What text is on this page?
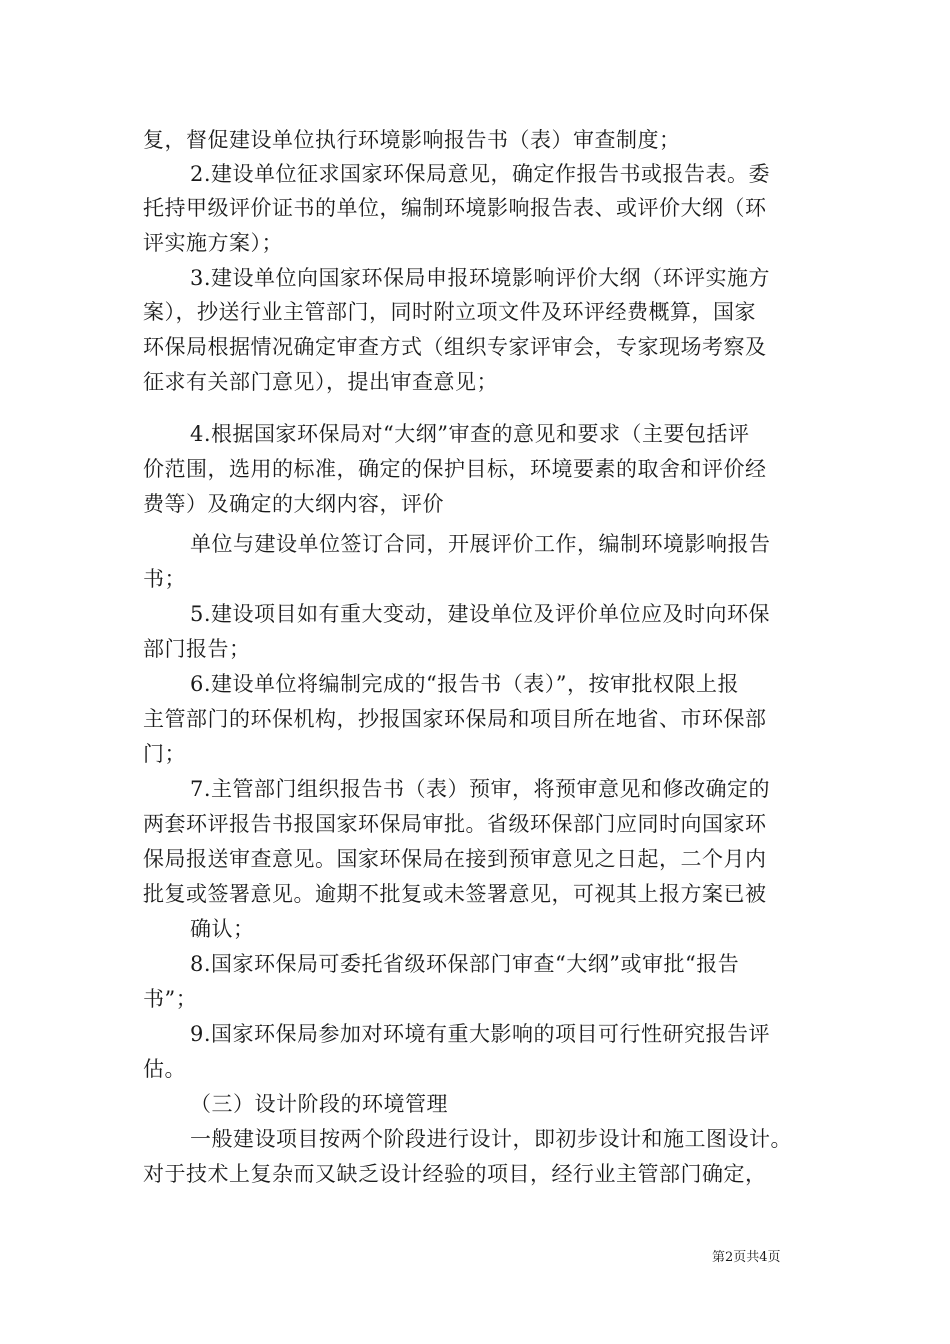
复，督促建设单位执行环境影响报告书（表）审查制度；
2.建设单位征求国家环保局意见，确定作报告书或报告表。委
托持甲级评价证书的单位，编制环境影响报告表、或评价大纲（环
评实施方案）；
3.建设单位向国家环保局申报环境影响评价大纲（环评实施方
案），抄送行业主管部门，同时附立项文件及环评经费概算，国家
环保局根据情况确定审查方式（组织专家评审会，专家现场考察及
征求有关部门意见），提出审查意见；
4.根据国家环保局对“大纲”审查的意见和要求（主要包括评
价范围，选用的标准，确定的保护目标，环境要素的取舍和评价经
费等）及确定的大纲内容，评价
单位与建设单位签订合同，开展评价工作，编制环境影响报告
书；
5.建设项目如有重大变动，建设单位及评价单位应及时向环保
部门报告；
6.建设单位将编制完成的“报告书（表）”，按审批权限上报
主管部门的环保机构，抄报国家环保局和项目所在地省、市环保部
门；
7.主管部门组织报告书（表）预审，将预审意见和修改确定的
两套环评报告书报国家环保局审批。省级环保部门应同时向国家环
保局报送审查意见。国家环保局在接到预审意见之日起，二个月内
批复或签署意见。逾期不批复或未签署意见，可视其上报方案已被
确认；
8.国家环保局可委托省级环保部门审查“大纲”或审批“报告
书”；
9.国家环保局参加对环境有重大影响的项目可行性研究报告评
估。
（三）设计阶段的环境管理
一般建设项目按两个阶段进行设计，即初步设计和施工图设计。
对于技术上复杂而又缺乏设计经验的项目，经行业主管部门确定，
第2页共4页
